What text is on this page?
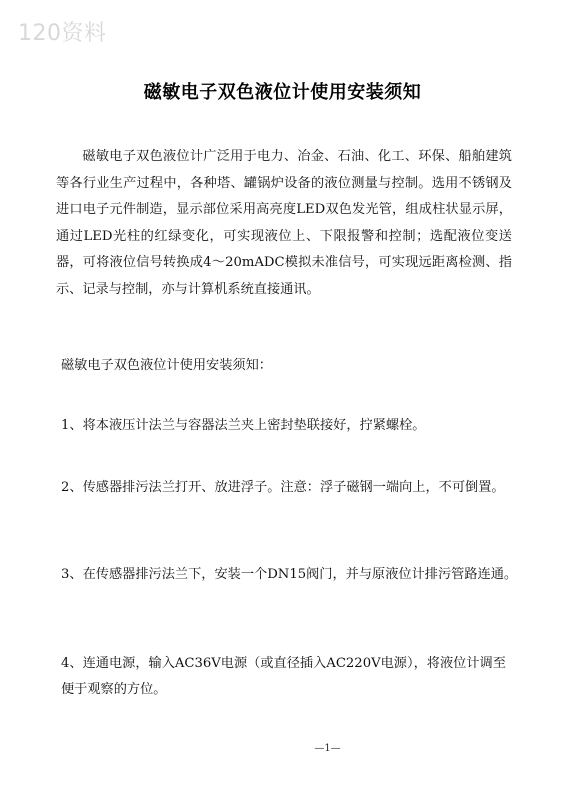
120资料
磁敏电子双色液位计使用安装须知

磁敏电子双色液位计广泛用于电力、冶金、石油、化工、环保、船舶建筑等各行业生产过程中，各种塔、罐锅炉设备的液位测量与控制。选用不锈钢及进口电子元件制造，显示部位采用高亮度LED双色发光管，组成柱状显示屏，通过LED光柱的红绿变化，可实现液位上、下限报警和控制；选配液位变送器，可将液位信号转换成4～20mADC模拟未准信号，可实现远距离检测、指示、记录与控制，亦与计算机系统直接通讯。

磁敏电子双色液位计使用安装须知：

1、将本液压计法兰与容器法兰夹上密封垫联接好，拧紧螺栓。

2、传感器排污法兰打开、放进浮子。注意：浮子磁钢一端向上，不可倒置。

3、在传感器排污法兰下，安装一个DN15阀门，并与原液位计排污管路连通。

4、连通电源，输入AC36V电源（或直径插入AC220V电源），将液位计调至便于观察的方位。

—1—
